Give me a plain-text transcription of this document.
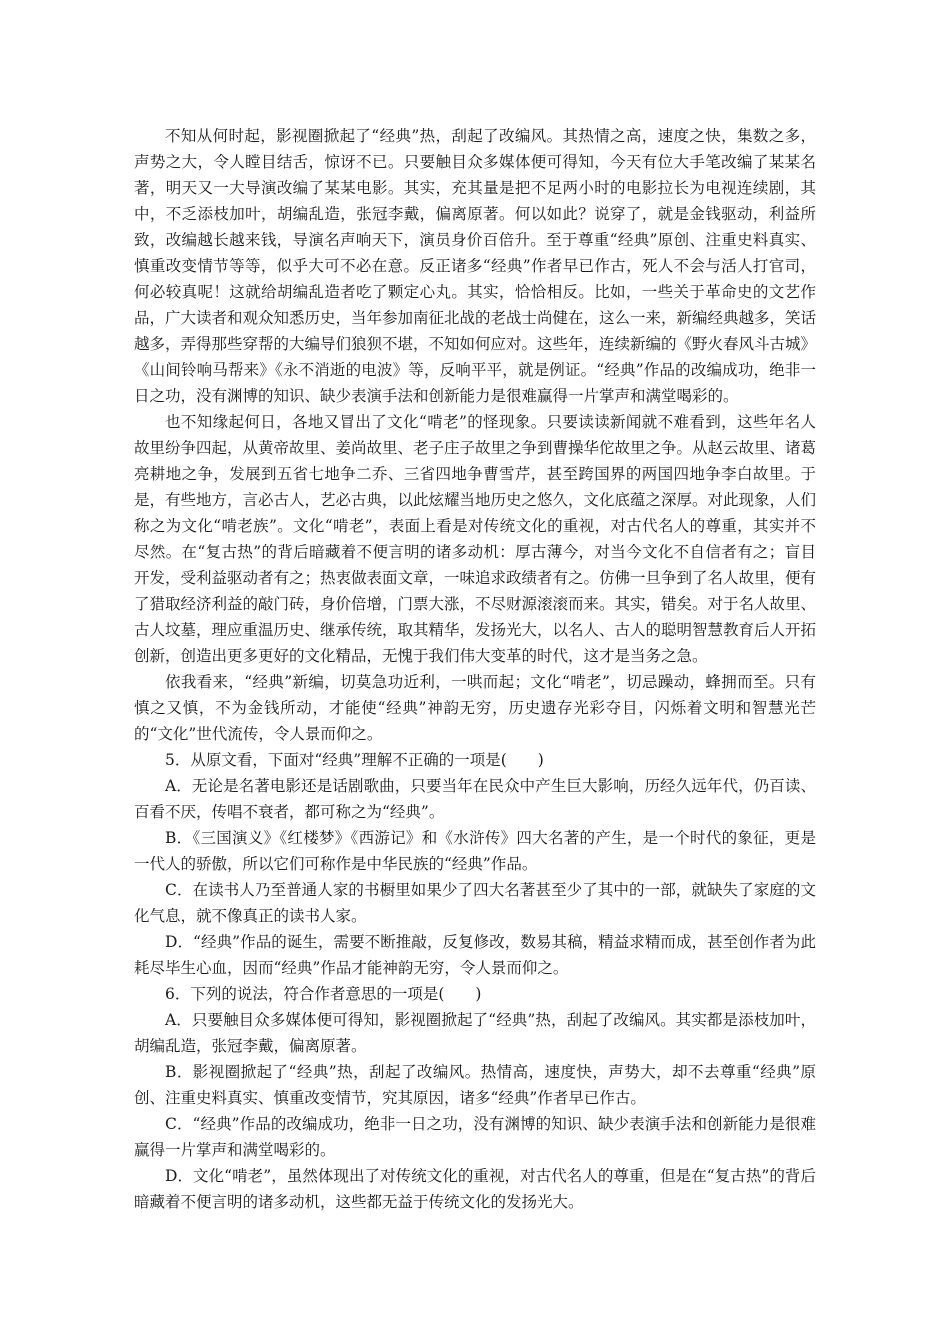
不知从何时起，影视圈掀起了“经典”热，刮起了改编风。其热情之高，速度之快，集数之多，声势之大，令人瞠目结舌，惊讶不已。只要触目众多媒体便可得知，今天有位大手笔改编了某某名著，明天又一大导演改编了某某电影。其实，充其量是把不足两小时的电影拉长为电视连续剧，其中，不乏添枝加叶，胡编乱造，张冠李戴，偏离原著。何以如此？说穿了，就是金钱驱动，利益所致，改编越长越来钱，导演名声响天下，演员身价百倍升。至于尊重“经典”原创、注重史料真实、慎重改变情节等等，似乎大可不必在意。反正诸多“经典”作者早已作古，死人不会与活人打官司，何必较真呢！这就给胡编乱造者吃了颗定心丸。其实，恰恰相反。比如，一些关于革命史的文艺作品，广大读者和观众知悉历史，当年参加南征北战的老战士尚健在，这么一来，新编经典越多，笑话越多，弄得那些穿帮的大编导们狼狈不堪，不知如何应对。这些年，连续新编的《野火春风斗古城》《山间铃响马帮来》《永不消逝的电波》等，反响平平，就是例证。“经典”作品的改编成功，绝非一日之功，没有渊博的知识、缺少表演手法和创新能力是很难赢得一片掌声和满堂喝彩的。

也不知缘起何日，各地又冒出了文化“啃老”的怪现象。只要读读新闻就不难看到，这些年名人故里纷争四起，从黄帝故里、姜尚故里、老子庄子故里之争到曹操华佗故里之争。从赵云故里、诸葛亮耕地之争，发展到五省七地争二乔、三省四地争曹雪芹，甚至跨国界的两国四地争李白故里。于是，有些地方，言必古人，艺必古典，以此炫耀当地历史之悠久，文化底蕴之深厚。对此现象，人们称之为文化“啃老族”。文化“啃老”，表面上看是对传统文化的重视，对古代名人的尊重，其实并不尽然。在“复古热”的背后暗藏着不便言明的诸多动机：厚古薄今，对当今文化不自信者有之；盲目开发，受利益驱动者有之；热衷做表面文章，一味追求政绩者有之。仿佛一旦争到了名人故里，便有了猎取经济利益的敲门砖，身价倍增，门票大涨，不尽财源滚滚而来。其实，错矣。对于名人故里、古人坟墓，理应重温历史、继承传统，取其精华，发扬光大，以名人、古人的聪明智慧教育后人开拓创新，创造出更多更好的文化精品，无愧于我们伟大变革的时代，这才是当务之急。

依我看来，“经典”新编，切莫急功近利，一哄而起；文化“啃老”，切忌躁动，蜂拥而至。只有慎之又慎，不为金钱所动，才能使“经典”神韵无穷，历史遗存光彩夺目，闪烁着文明和智慧光芒的“文化”世代流传，令人景而仰之。

5．从原文看，下面对“经典”理解不正确的一项是(　　)

A．无论是名著电影还是话剧歌曲，只要当年在民众中产生巨大影响，历经久远年代，仍百读、百看不厌，传唱不衰者，都可称之为“经典”。

B．《三国演义》《红楼梦》《西游记》和《水浒传》四大名著的产生，是一个时代的象征，更是一代人的骄傲，所以它们可称作是中华民族的“经典”作品。

C．在读书人乃至普通人家的书橱里如果少了四大名著甚至少了其中的一部，就缺失了家庭的文化气息，就不像真正的读书人家。

D．“经典”作品的诞生，需要不断推敲，反复修改，数易其稿，精益求精而成，甚至创作者为此耗尽毕生心血，因而“经典”作品才能神韵无穷，令人景而仰之。

6．下列的说法，符合作者意思的一项是(　　)

A．只要触目众多媒体便可得知，影视圈掀起了“经典”热，刮起了改编风。其实都是添枝加叶，胡编乱造，张冠李戴，偏离原著。

B．影视圈掀起了“经典”热，刮起了改编风。热情高，速度快，声势大，却不去尊重“经典”原创、注重史料真实、慎重改变情节，究其原因，诸多“经典”作者早已作古。

C．“经典”作品的改编成功，绝非一日之功，没有渊博的知识、缺少表演手法和创新能力是很难赢得一片掌声和满堂喝彩的。

D．文化“啃老”，虽然体现出了对传统文化的重视，对古代名人的尊重，但是在“复古热”的背后暗藏着不便言明的诸多动机，这些都无益于传统文化的发扬光大。
